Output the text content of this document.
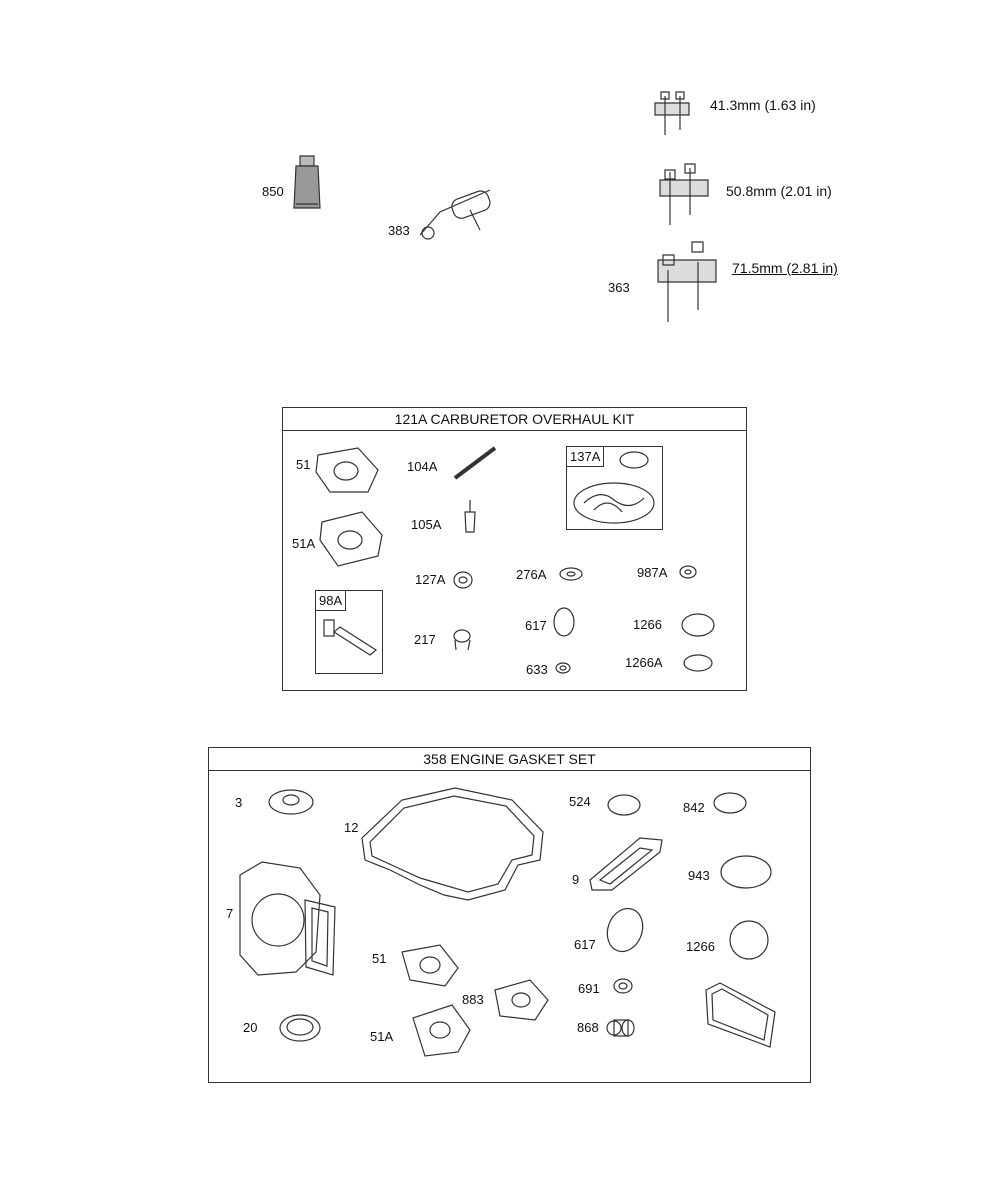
850
383
363
41.3mm (1.63 in)
50.8mm (2.01 in)
71.5mm (2.81 in)
121A CARBURETOR OVERHAUL KIT
137A
98A
51
51A
104A
105A
127A
217
276A
617
633
987A
1266
1266A
358 ENGINE GASKET SET
3
12
7
20
51
51A
883
524
9
617
691
868
842
943
1266
